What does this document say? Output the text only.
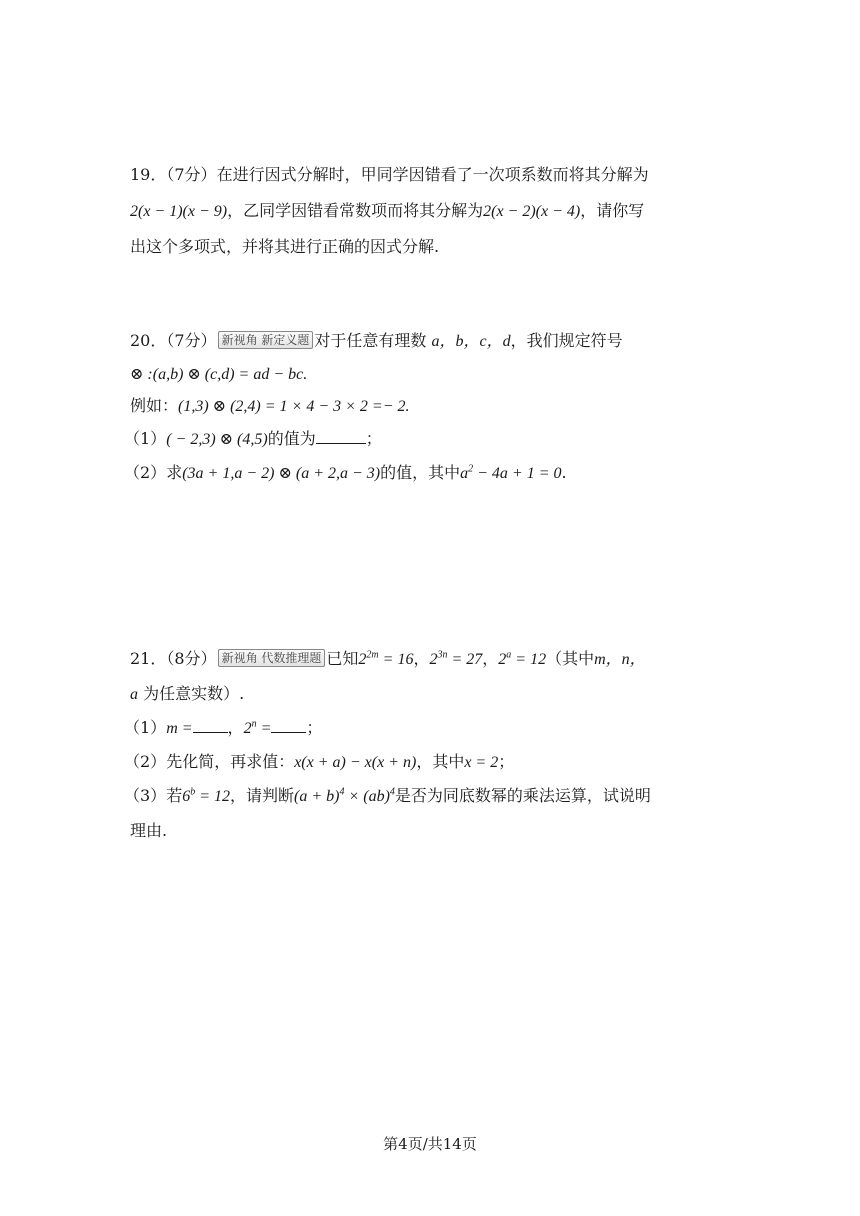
19．（7分）在进行因式分解时，甲同学因错看了一次项系数而将其分解为
2(x − 1)(x − 9)，乙同学因错看常数项而将其分解为2(x − 2)(x − 4)，请你写
出这个多项式，并将其进行正确的因式分解.
20．（7分） 新视角 新定义题 对于任意有理数 a，b，c，d，我们规定符号
⊗ :(a,b) ⊗ (c,d) = ad − bc.
例如：(1,3) ⊗ (2,4) = 1 × 4 − 3 × 2 =− 2.
（1）( − 2,3) ⊗ (4,5)的值为	；
（2）求(3a + 1,a − 2) ⊗ (a + 2,a − 3)的值，其中$a^2 - 4a + 1 = 0$.
21．（8分） 新视角 代数推理题 已知$2^{2m} = 16$，$2^{3n} = 27$，$2^a = 12$（其中m，n，
a 为任意实数）.
（1）m = ，$2^n$ = ；
（2）先化简，再求值：x(x + a) − x(x + n)，其中x = 2；
（3）若$6^b = 12$，请判断$(a + b)^4 \times (ab)^4$是否为同底数幂的乘法运算，试说明
理由.
第4页/共14页
